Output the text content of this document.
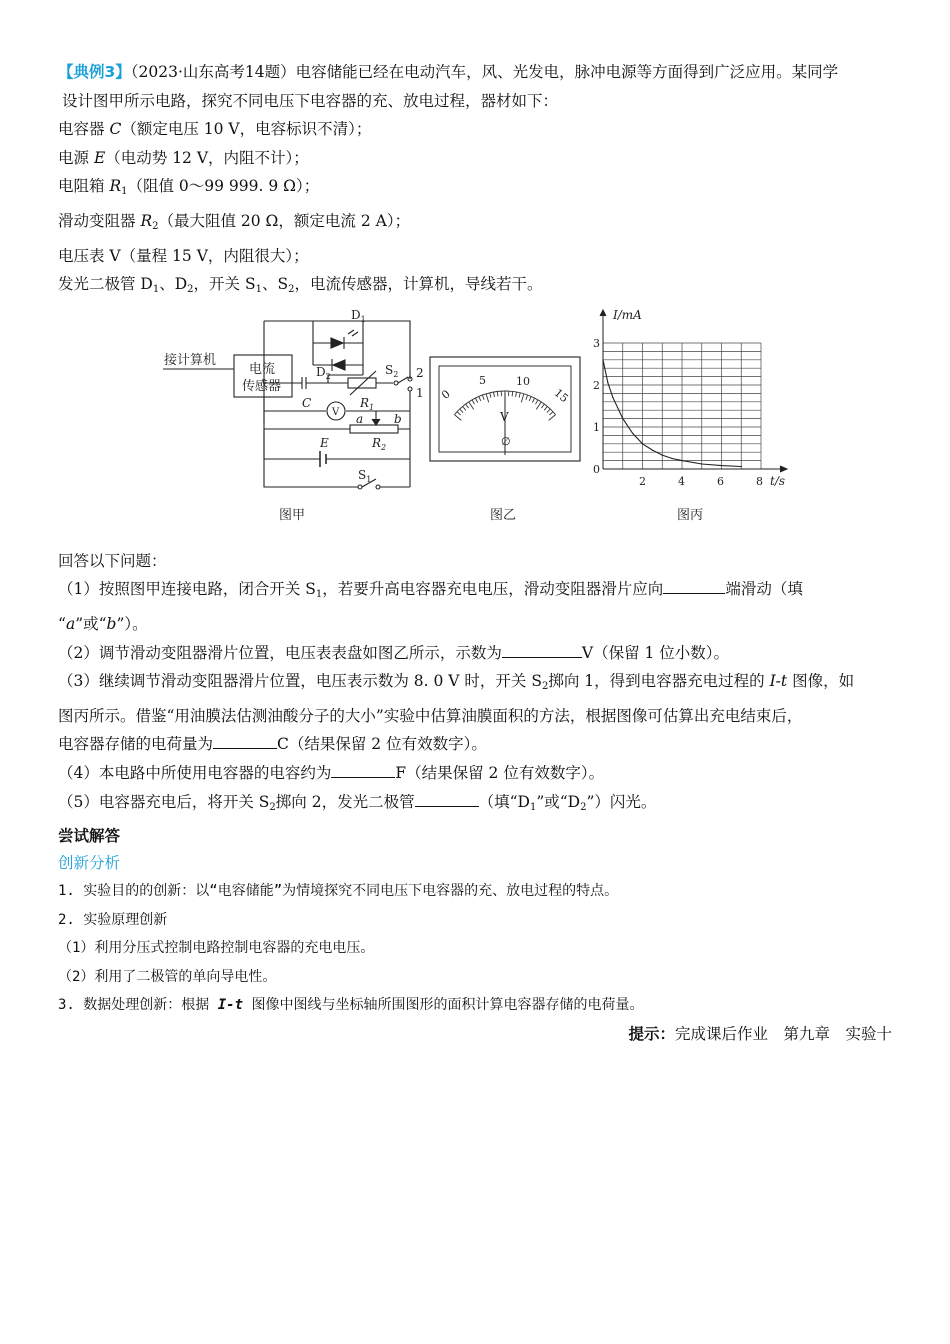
【典例3】（2023·山东高考14题）电容储能已经在电动汽车，风、光发电，脉冲电源等方面得到广泛应用。某同学
设计图甲所示电路，探究不同电压下电容器的充、放电过程，器材如下：
电容器 C（额定电压 10 V，电容标识不清）；
电源 E（电动势 12 V，内阻不计）；
电阻箱 $R_1$（阻值 0～99 999. 9 Ω）；
滑动变阻器 $R_2$（最大阻值 20 Ω，额定电流 2 A）；
电压表 V（量程 15 V，内阻很大）；
发光二极管 $D_1$、$D_2$，开关 $S_1$、$S_2$，电流传感器，计算机，导线若干。
接计算机
电流
传感器
C
$D_1$
$D_2$
$R_1$
$S_2$ 2
1
V a	b
E
$S_1$
$R_2$
图甲
0
5	10
15
V
∅
图乙
0
1
2
3
2	4	6	8
I/mA
t/s
图丙
回答以下问题：
（1）按照图甲连接电路，闭合开关 $S_1$，若要升高电容器充电电压，滑动变阻器滑片应向	端滑动（填
“a”或“b”）。
（2）调节滑动变阻器滑片位置，电压表表盘如图乙所示，示数为	V（保留 1 位小数）。
（3）继续调节滑动变阻器滑片位置，电压表示数为 8. 0 V 时，开关 $S_2$掷向 1，得到电容器充电过程的 I-t 图像，如
图丙所示。借鉴“用油膜法估测油酸分子的大小”实验中估算油膜面积的方法，根据图像可估算出充电结束后，
电容器存储的电荷量为	C（结果保留 2 位有效数字）。
（4）本电路中所使用电容器的电容约为	F（结果保留 2 位有效数字）。
（5）电容器充电后，将开关 $S_2$掷向 2，发光二极管	（填“$D_1$”或“$D_2$”）闪光。
尝试解答
创新分析
1. 实验目的的创新：以“电容储能”为情境探究不同电压下电容器的充、放电过程的特点。
2. 实验原理创新
（1）利用分压式控制电路控制电容器的充电电压。
（2）利用了二极管的单向导电性。
3. 数据处理创新：根据 I-t 图像中图线与坐标轴所围图形的面积计算电容器存储的电荷量。
提示：完成课后作业　第九章　实验十
